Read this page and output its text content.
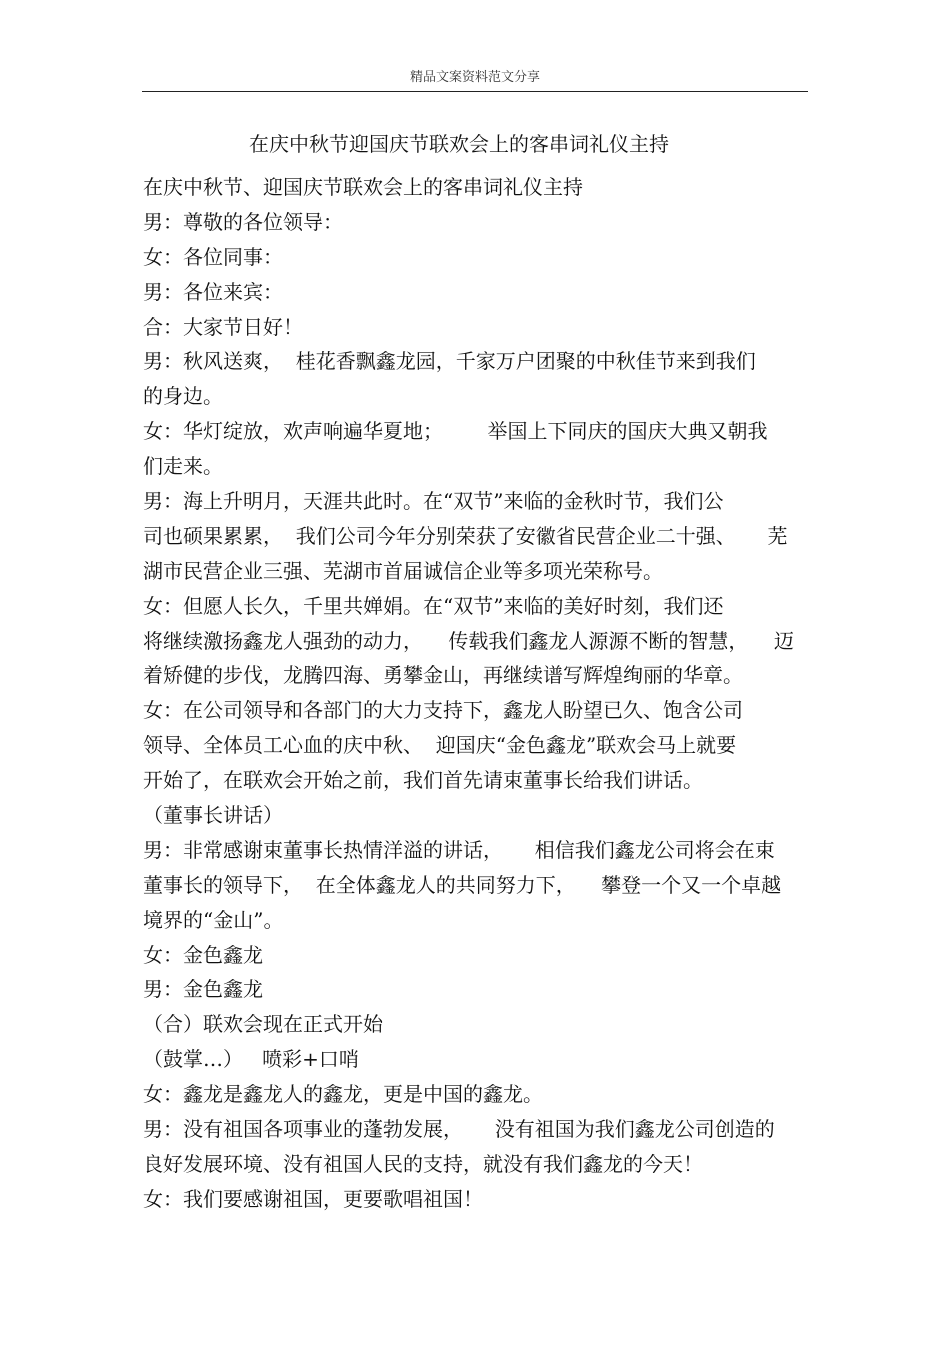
精品文案资料范文分享
在庆中秋节迎国庆节联欢会上的客串词礼仪主持
在庆中秋节、迎国庆节联欢会上的客串词礼仪主持
男：尊敬的各位领导：
女：各位同事：
男：各位来宾：
合：大家节日好！
男：秋风送爽，  桂花香飘鑫龙园，千家万户团聚的中秋佳节来到我们
的身边。
女：华灯绽放，欢声响遍华夏地；       举国上下同庆的国庆大典又朝我
们走来。
男：海上升明月，天涯共此时。在“双节”来临的金秋时节，我们公
司也硕果累累，  我们公司今年分别荣获了安徽省民营企业二十强、     芜
湖市民营企业三强、芜湖市首届诚信企业等多项光荣称号。
女：但愿人长久，千里共婵娟。在“双节”来临的美好时刻，我们还
将继续激扬鑫龙人强劲的动力，    传载我们鑫龙人源源不断的智慧，    迈
着矫健的步伐，龙腾四海、勇攀金山，再继续谱写辉煌绚丽的华章。
女：在公司领导和各部门的大力支持下，鑫龙人盼望已久、饱含公司
领导、全体员工心血的庆中秋、  迎国庆“金色鑫龙”联欢会马上就要
开始了，在联欢会开始之前，我们首先请束董事长给我们讲话。
（董事长讲话）
男：非常感谢束董事长热情洋溢的讲话，     相信我们鑫龙公司将会在束
董事长的领导下，  在全体鑫龙人的共同努力下，    攀登一个又一个卓越
境界的“金山”。
女：金色鑫龙
男：金色鑫龙
（合）联欢会现在正式开始
（鼓掌…）   喷彩+口哨
女：鑫龙是鑫龙人的鑫龙，更是中国的鑫龙。
男：没有祖国各项事业的蓬勃发展，     没有祖国为我们鑫龙公司创造的
良好发展环境、没有祖国人民的支持，就没有我们鑫龙的今天！
女：我们要感谢祖国，更要歌唱祖国！
